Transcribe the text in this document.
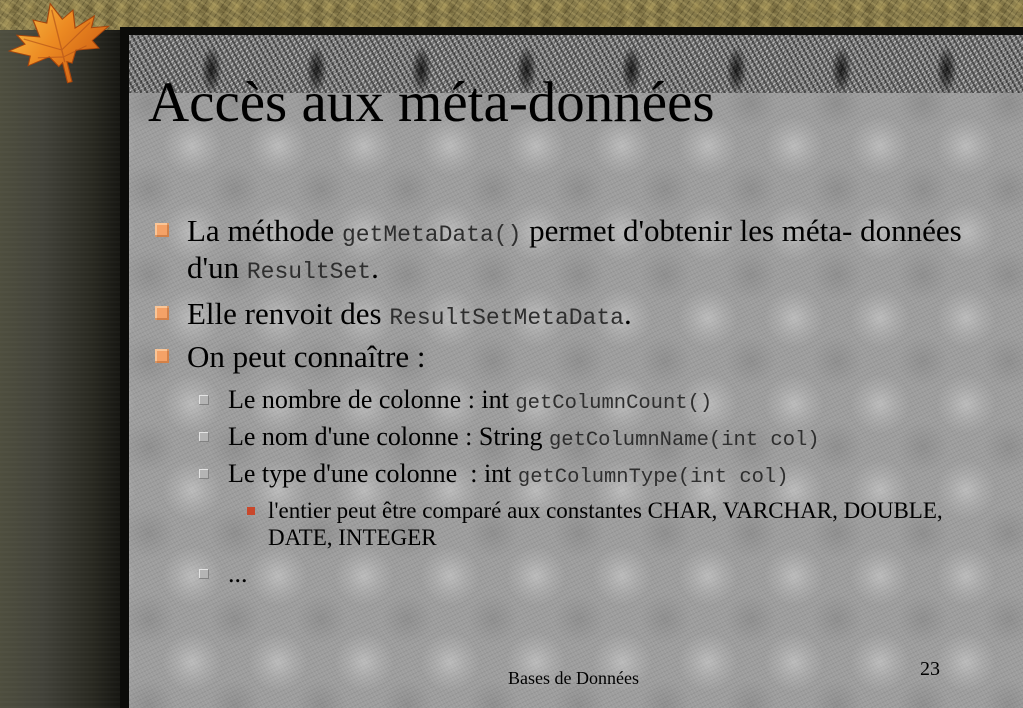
Accès aux méta-données
La méthode getMetaData() permet d'obtenir les méta- données
d'un ResultSet.
Elle renvoit des ResultSetMetaData.
On peut connaître :
Le nombre de colonne : int getColumnCount()
Le nom d'une colonne : String getColumnName(int col)
Le type d'une colonne  : int getColumnType(int col)
l'entier peut être comparé aux constantes CHAR, VARCHAR, DOUBLE,
DATE, INTEGER
...
Bases de Données	23
